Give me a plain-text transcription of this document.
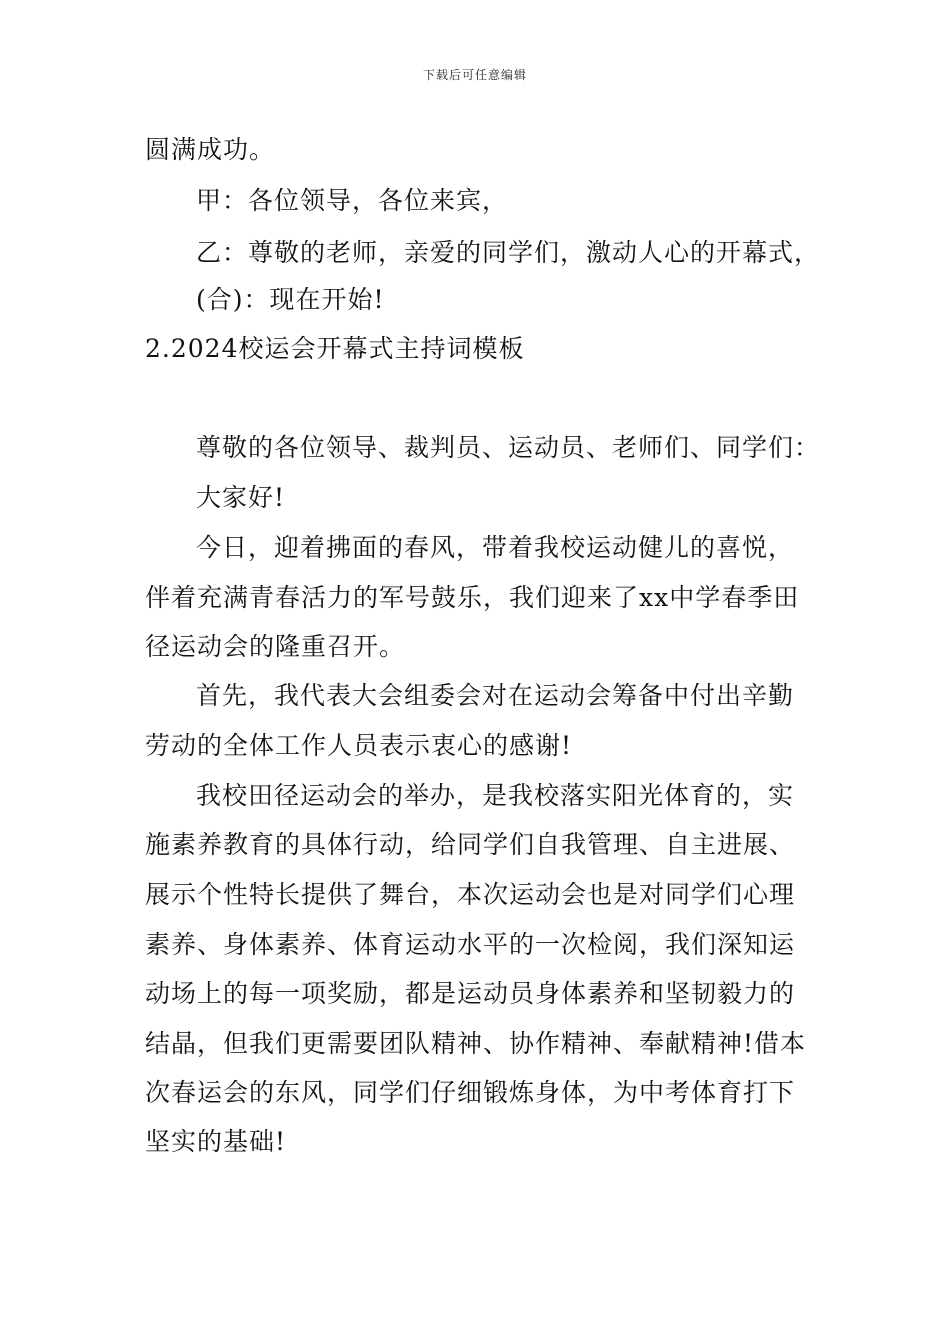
下载后可任意编辑
圆满成功。
甲：各位领导，各位来宾，
乙：尊敬的老师，亲爱的同学们，激动人心的开幕式，
(合)：现在开始!
2.2024校运会开幕式主持词模板
尊敬的各位领导、裁判员、运动员、老师们、同学们：
大家好!
今日，迎着拂面的春风，带着我校运动健儿的喜悦，
伴着充满青春活力的军号鼓乐，我们迎来了xx中学春季田
径运动会的隆重召开。
首先，我代表大会组委会对在运动会筹备中付出辛勤
劳动的全体工作人员表示衷心的感谢!
我校田径运动会的举办，是我校落实阳光体育的，实
施素养教育的具体行动，给同学们自我管理、自主进展、
展示个性特长提供了舞台，本次运动会也是对同学们心理
素养、身体素养、体育运动水平的一次检阅，我们深知运
动场上的每一项奖励，都是运动员身体素养和坚韧毅力的
结晶，但我们更需要团队精神、协作精神、奉献精神!借本
次春运会的东风，同学们仔细锻炼身体，为中考体育打下
坚实的基础!
